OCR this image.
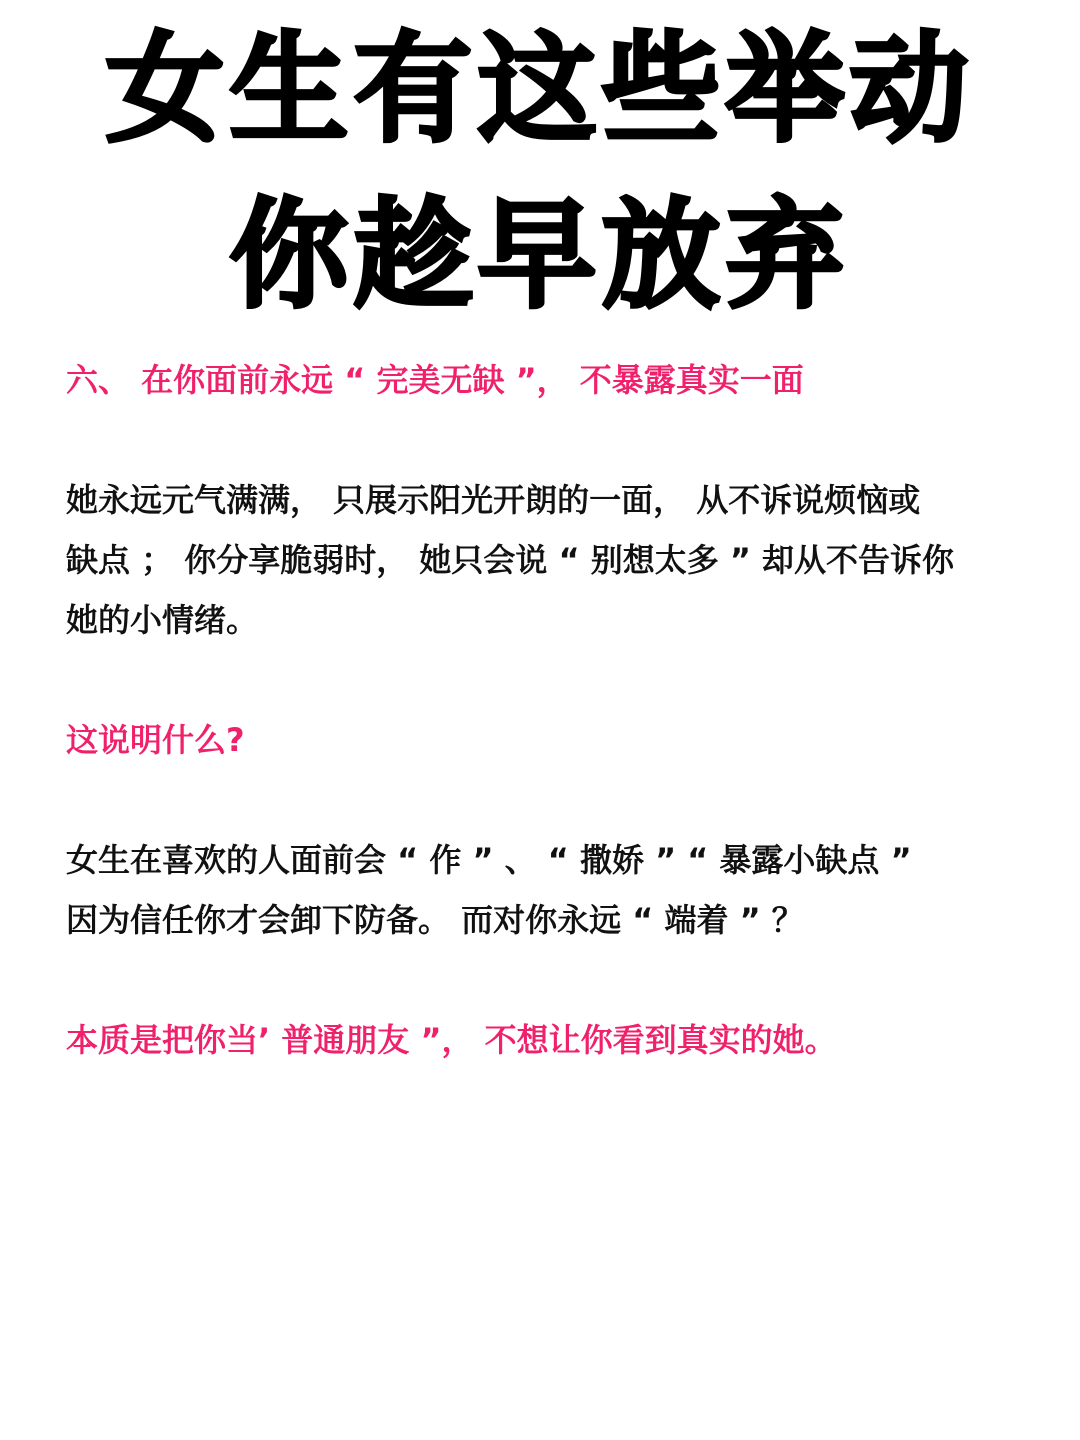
女生有这些举动
你趁早放弃
六、 在你面前永远 “ 完美无缺 ”， 不暴露真实一面
她永远元气满满， 只展示阳光开朗的一面， 从不诉说烦恼或
缺点 ； 你分享脆弱时， 她只会说 “ 别想太多 ” 却从不告诉你
她的小情绪。
这说明什么?
女生在喜欢的人面前会 “ 作 ” 、 “ 撒娇 ” “ 暴露小缺点 ”
因为信任你才会卸下防备。 而对你永远 “ 端着 ” ？
本质是把你当’ 普通朋友 ”， 不想让你看到真实的她。
